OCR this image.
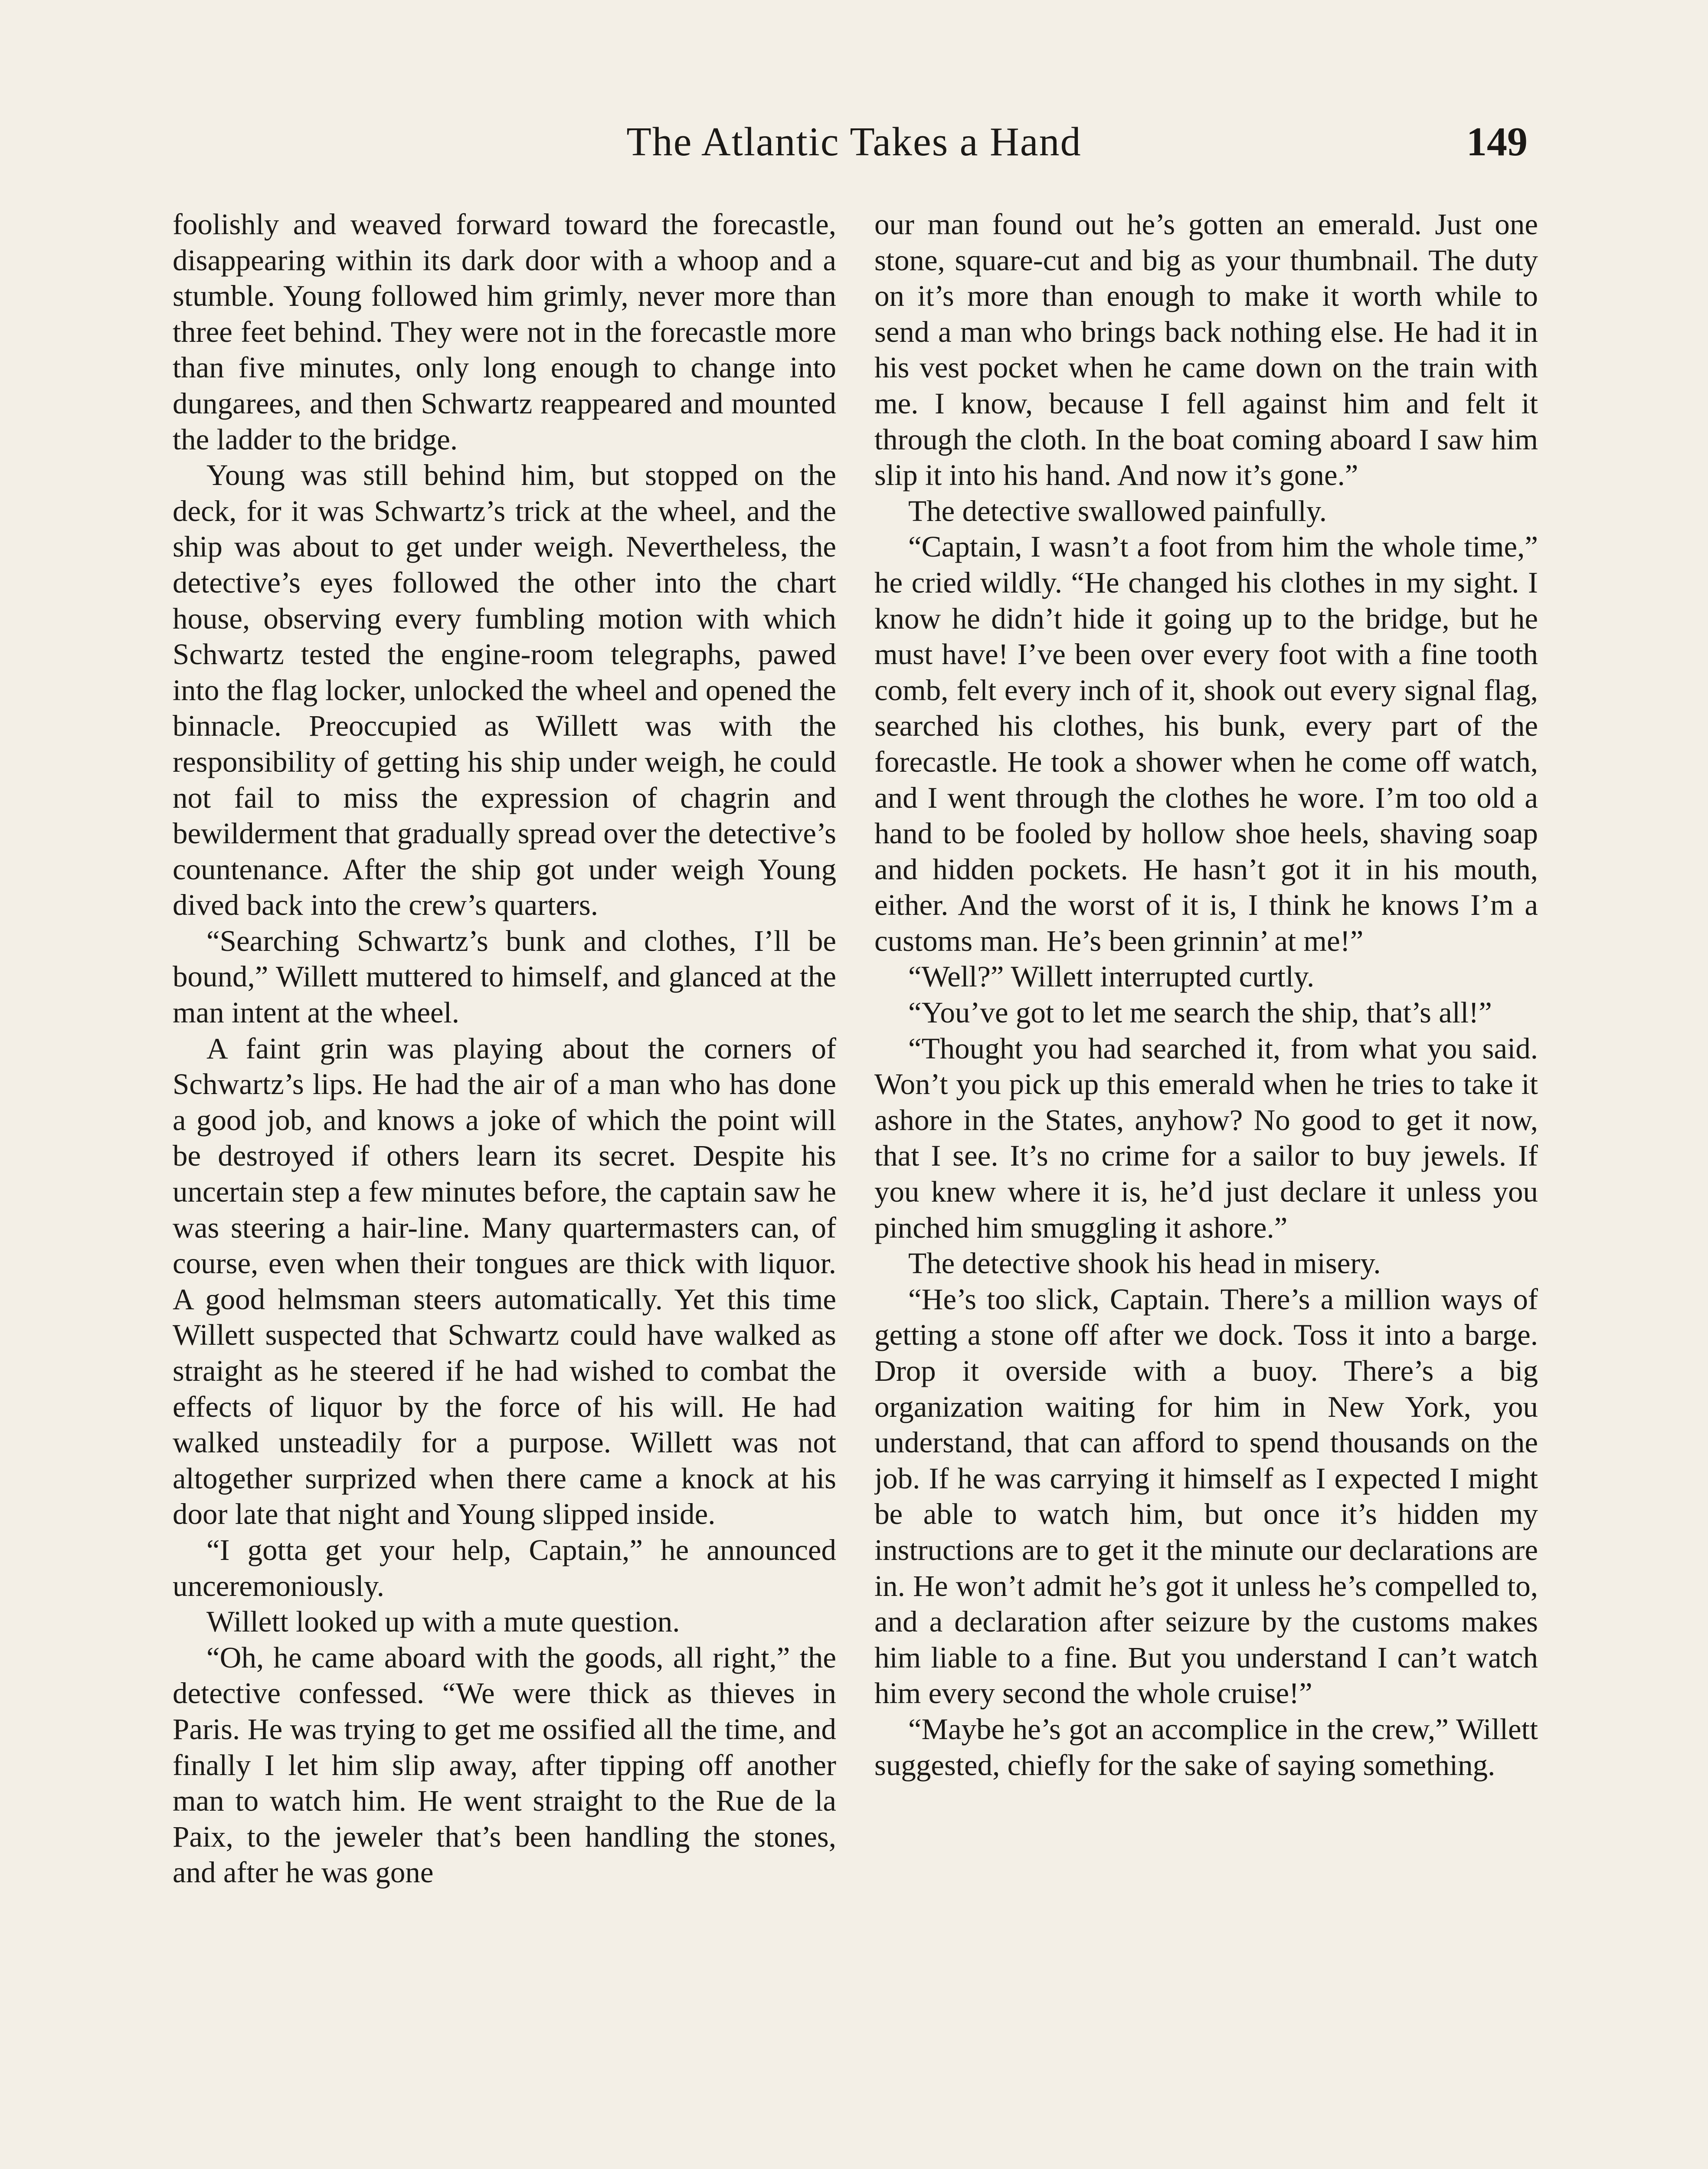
The Atlantic Takes a Hand	149

foolishly and weaved forward toward the forecastle, disappearing within its dark door with a whoop and a stumble. Young followed him grimly, never more than three feet behind. They were not in the forecastle more than five minutes, only long enough to change into dungarees, and then Schwartz reappeared and mounted the ladder to the bridge.

Young was still behind him, but stopped on the deck, for it was Schwartz’s trick at the wheel, and the ship was about to get under weigh. Nevertheless, the detective’s eyes followed the other into the chart house, observing every fumbling motion with which Schwartz tested the engine-room telegraphs, pawed into the flag locker, unlocked the wheel and opened the binnacle. Preoccupied as Willett was with the responsibility of getting his ship under weigh, he could not fail to miss the expression of chagrin and bewilderment that gradually spread over the detective’s countenance. After the ship got under weigh Young dived back into the crew’s quarters.

“Searching Schwartz’s bunk and clothes, I’ll be bound,” Willett muttered to himself, and glanced at the man intent at the wheel.

A faint grin was playing about the corners of Schwartz’s lips. He had the air of a man who has done a good job, and knows a joke of which the point will be destroyed if others learn its secret. Despite his uncertain step a few minutes before, the captain saw he was steering a hair-line. Many quartermasters can, of course, even when their tongues are thick with liquor. A good helmsman steers automatically. Yet this time Willett suspected that Schwartz could have walked as straight as he steered if he had wished to combat the effects of liquor by the force of his will. He had walked unsteadily for a purpose. Willett was not altogether surprized when there came a knock at his door late that night and Young slipped inside.

“I gotta get your help, Captain,” he announced unceremoniously.

Willett looked up with a mute question.

“Oh, he came aboard with the goods, all right,” the detective confessed. “We were thick as thieves in Paris. He was trying to get me ossified all the time, and finally I let him slip away, after tipping off another man to watch him. He went straight to the Rue de la Paix, to the jeweler that’s been handling the stones, and after he was gone

our man found out he’s gotten an emerald. Just one stone, square-cut and big as your thumbnail. The duty on it’s more than enough to make it worth while to send a man who brings back nothing else. He had it in his vest pocket when he came down on the train with me. I know, because I fell against him and felt it through the cloth. In the boat coming aboard I saw him slip it into his hand. And now it’s gone.”

The detective swallowed painfully.

“Captain, I wasn’t a foot from him the whole time,” he cried wildly. “He changed his clothes in my sight. I know he didn’t hide it going up to the bridge, but he must have! I’ve been over every foot with a fine tooth comb, felt every inch of it, shook out every signal flag, searched his clothes, his bunk, every part of the forecastle. He took a shower when he come off watch, and I went through the clothes he wore. I’m too old a hand to be fooled by hollow shoe heels, shaving soap and hidden pockets. He hasn’t got it in his mouth, either. And the worst of it is, I think he knows I’m a customs man. He’s been grinnin’ at me!”

“Well?” Willett interrupted curtly.

“You’ve got to let me search the ship, that’s all!”

“Thought you had searched it, from what you said. Won’t you pick up this emerald when he tries to take it ashore in the States, anyhow? No good to get it now, that I see. It’s no crime for a sailor to buy jewels. If you knew where it is, he’d just declare it unless you pinched him smuggling it ashore.”

The detective shook his head in misery.

“He’s too slick, Captain. There’s a million ways of getting a stone off after we dock. Toss it into a barge. Drop it overside with a buoy. There’s a big organization waiting for him in New York, you understand, that can afford to spend thousands on the job. If he was carrying it himself as I expected I might be able to watch him, but once it’s hidden my instructions are to get it the minute our declarations are in. He won’t admit he’s got it unless he’s compelled to, and a declaration after seizure by the customs makes him liable to a fine. But you understand I can’t watch him every second the whole cruise!”

“Maybe he’s got an accomplice in the crew,” Willett suggested, chiefly for the sake of saying something.
